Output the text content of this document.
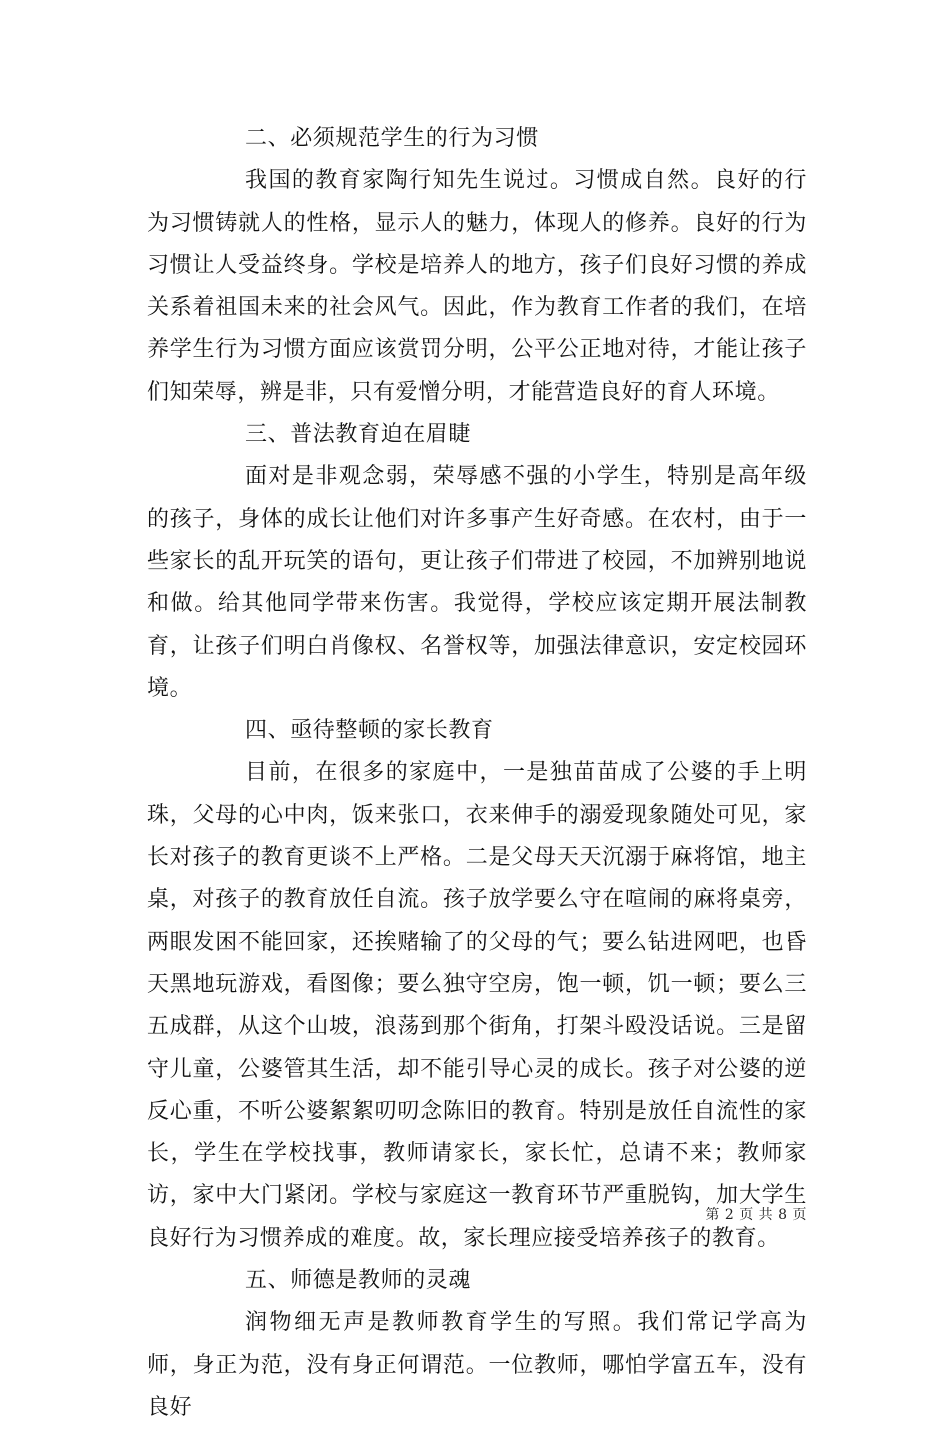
二、必须规范学生的行为习惯

我国的教育家陶行知先生说过。习惯成自然。良好的行为习惯铸就人的性格，显示人的魅力，体现人的修养。良好的行为习惯让人受益终身。学校是培养人的地方，孩子们良好习惯的养成关系着祖国未来的社会风气。因此，作为教育工作者的我们，在培养学生行为习惯方面应该赏罚分明，公平公正地对待，才能让孩子们知荣辱，辨是非，只有爱憎分明，才能营造良好的育人环境。

三、普法教育迫在眉睫

面对是非观念弱，荣辱感不强的小学生，特别是高年级的孩子，身体的成长让他们对许多事产生好奇感。在农村，由于一些家长的乱开玩笑的语句，更让孩子们带进了校园，不加辨别地说和做。给其他同学带来伤害。我觉得，学校应该定期开展法制教育，让孩子们明白肖像权、名誉权等，加强法律意识，安定校园环境。

四、亟待整顿的家长教育

目前，在很多的家庭中，一是独苗苗成了公婆的手上明珠，父母的心中肉，饭来张口，衣来伸手的溺爱现象随处可见，家长对孩子的教育更谈不上严格。二是父母天天沉溺于麻将馆，地主桌，对孩子的教育放任自流。孩子放学要么守在喧闹的麻将桌旁，两眼发困不能回家，还挨赌输了的父母的气；要么钻进网吧，也昏天黑地玩游戏，看图像；要么独守空房，饱一顿，饥一顿；要么三五成群，从这个山坡，浪荡到那个街角，打架斗殴没话说。三是留守儿童，公婆管其生活，却不能引导心灵的成长。孩子对公婆的逆反心重，不听公婆絮絮叨叨念陈旧的教育。特别是放任自流性的家长，学生在学校找事，教师请家长，家长忙，总请不来；教师家访，家中大门紧闭。学校与家庭这一教育环节严重脱钩，加大学生良好行为习惯养成的难度。故，家长理应接受培养孩子的教育。

五、师德是教师的灵魂

润物细无声是教师教育学生的写照。我们常记学高为师，身正为范，没有身正何谓范。一位教师，哪怕学富五车，没有良好

第 2 页 共 8 页
